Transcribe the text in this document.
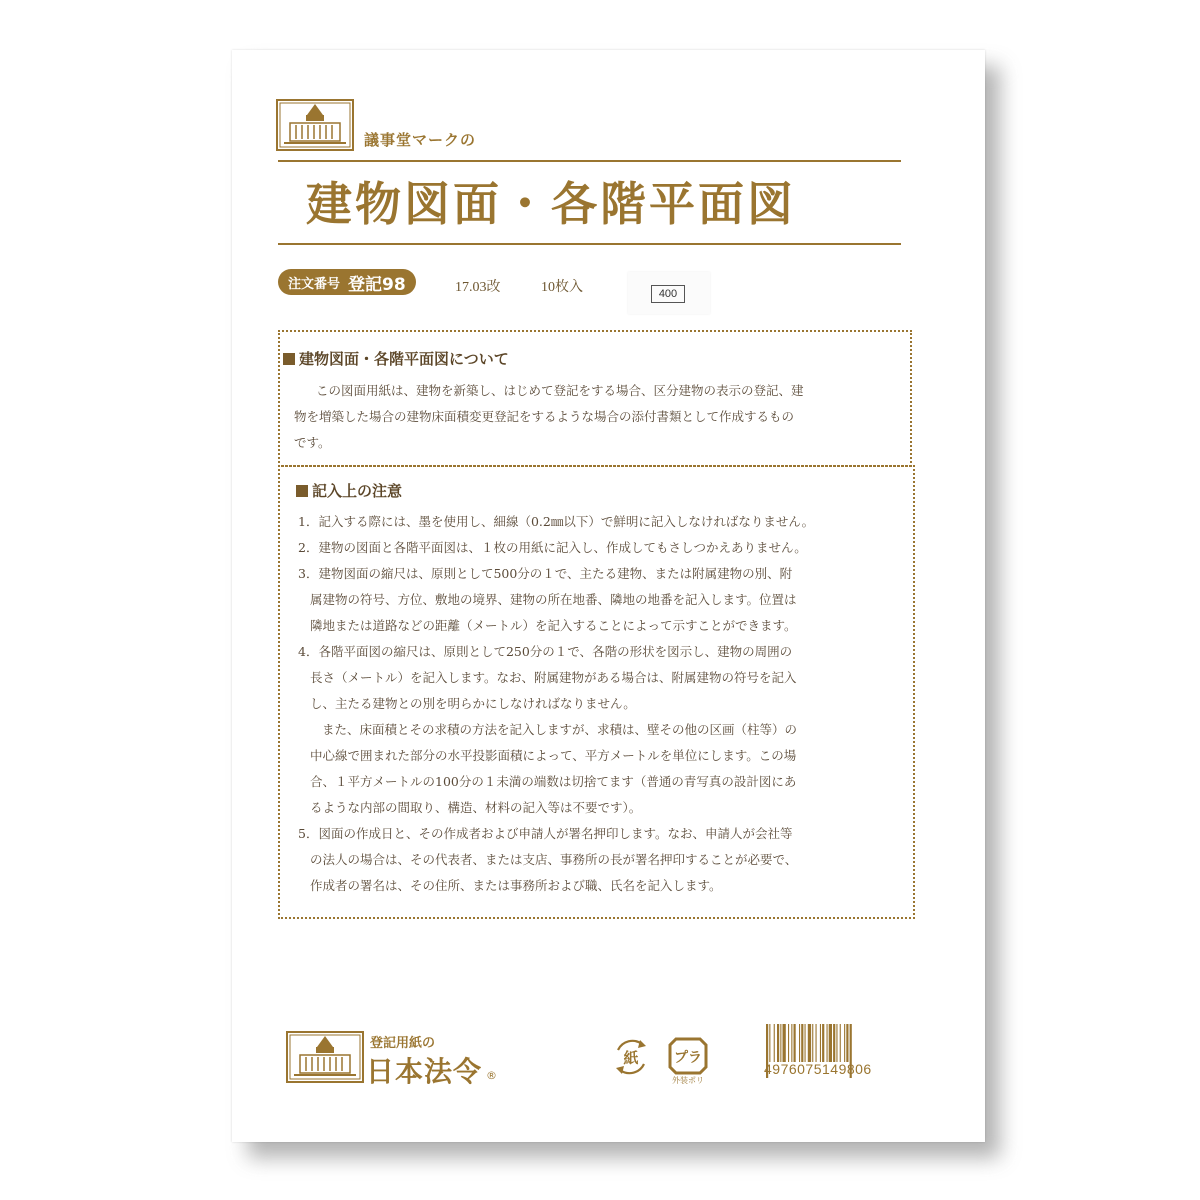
議事堂マークの
建物図面・各階平面図
注文番号 登記98	17.03改	10枚入	400
建物図面・各階平面図について
この図面用紙は、建物を新築し、はじめて登記をする場合、区分建物の表示の登記、建
物を増築した場合の建物床面積変更登記をするような場合の添付書類として作成するもの
です。
記入上の注意
1．記入する際には、墨を使用し、細線（0.2㎜以下）で鮮明に記入しなければなりません。
2．建物の図面と各階平面図は、１枚の用紙に記入し、作成してもさしつかえありません。
3．建物図面の縮尺は、原則として500分の１で、主たる建物、または附属建物の別、附
属建物の符号、方位、敷地の境界、建物の所在地番、隣地の地番を記入します。位置は
隣地または道路などの距離（メートル）を記入することによって示すことができます。
4．各階平面図の縮尺は、原則として250分の１で、各階の形状を図示し、建物の周囲の
長さ（メートル）を記入します。なお、附属建物がある場合は、附属建物の符号を記入
し、主たる建物との別を明らかにしなければなりません。
また、床面積とその求積の方法を記入しますが、求積は、壁その他の区画（柱等）の
中心線で囲まれた部分の水平投影面積によって、平方メートルを単位にします。この場
合、１平方メートルの100分の１未満の端数は切捨てます（普通の青写真の設計図にあ
るような内部の間取り、構造、材料の記入等は不要です）。
5．図面の作成日と、その作成者および申請人が署名押印します。なお、申請人が会社等
の法人の場合は、その代表者、または支店、事務所の長が署名押印することが必要で、
作成者の署名は、その住所、または事務所および職、氏名を記入します。
登記用紙の
日本法令 ®
紙	プラ
外装ポリ
4976075149806
